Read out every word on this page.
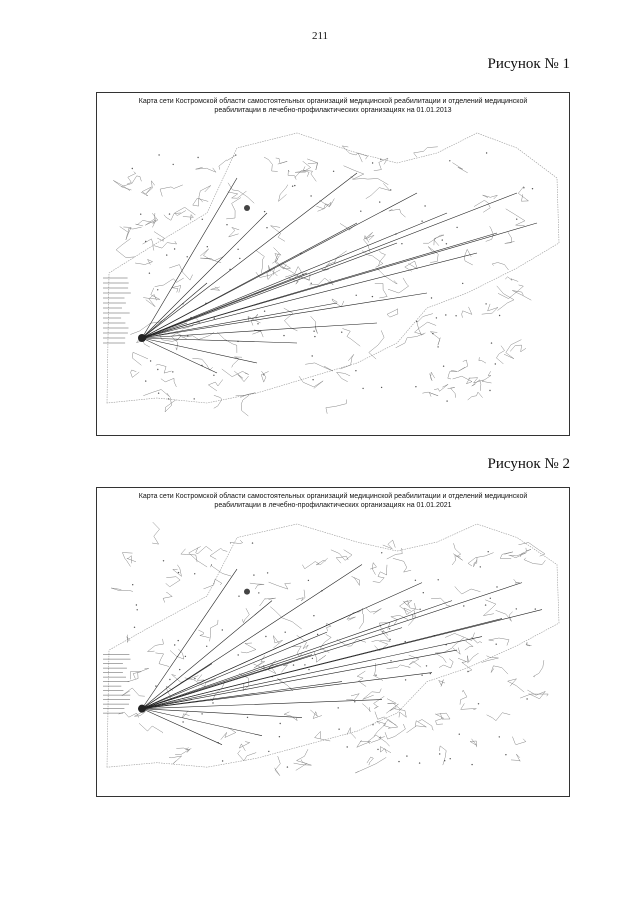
211
Рисунок № 1
Карта сети Костромской области самостоятельных организаций медицинской реабилитации и отделений медицинской
реабилитации в лечебно-профилактических организациях на 01.01.2013
Рисунок № 2
Карта сети Костромской области самостоятельных организаций медицинской реабилитации и отделений медицинской
реабилитации в лечебно-профилактических организациях на 01.01.2021
